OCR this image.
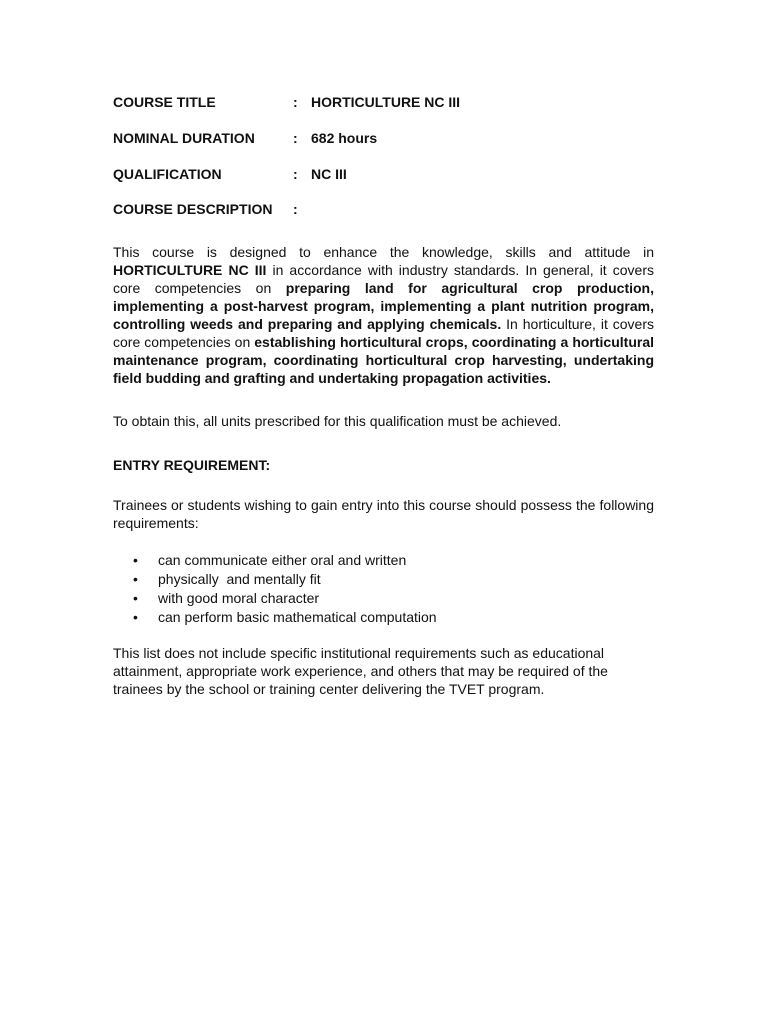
COURSE TITLE	: HORTICULTURE NC III
NOMINAL DURATION	: 682 hours
QUALIFICATION	: NC III
COURSE DESCRIPTION :
This course is designed to enhance the knowledge, skills and attitude in HORTICULTURE NC III in accordance with industry standards. In general, it covers core competencies on preparing land for agricultural crop production, implementing a post-harvest program, implementing a plant nutrition program, controlling weeds and preparing and applying chemicals. In horticulture, it covers core competencies on establishing horticultural crops, coordinating a horticultural maintenance program, coordinating horticultural crop harvesting, undertaking field budding and grafting and undertaking propagation activities.
To obtain this, all units prescribed for this qualification must be achieved.
ENTRY REQUIREMENT:
Trainees or students wishing to gain entry into this course should possess the following requirements:
• can communicate either oral and written
• physically  and mentally fit
• with good moral character
• can perform basic mathematical computation
This list does not include specific institutional requirements such as educational attainment, appropriate work experience, and others that may be required of the trainees by the school or training center delivering the TVET program.
